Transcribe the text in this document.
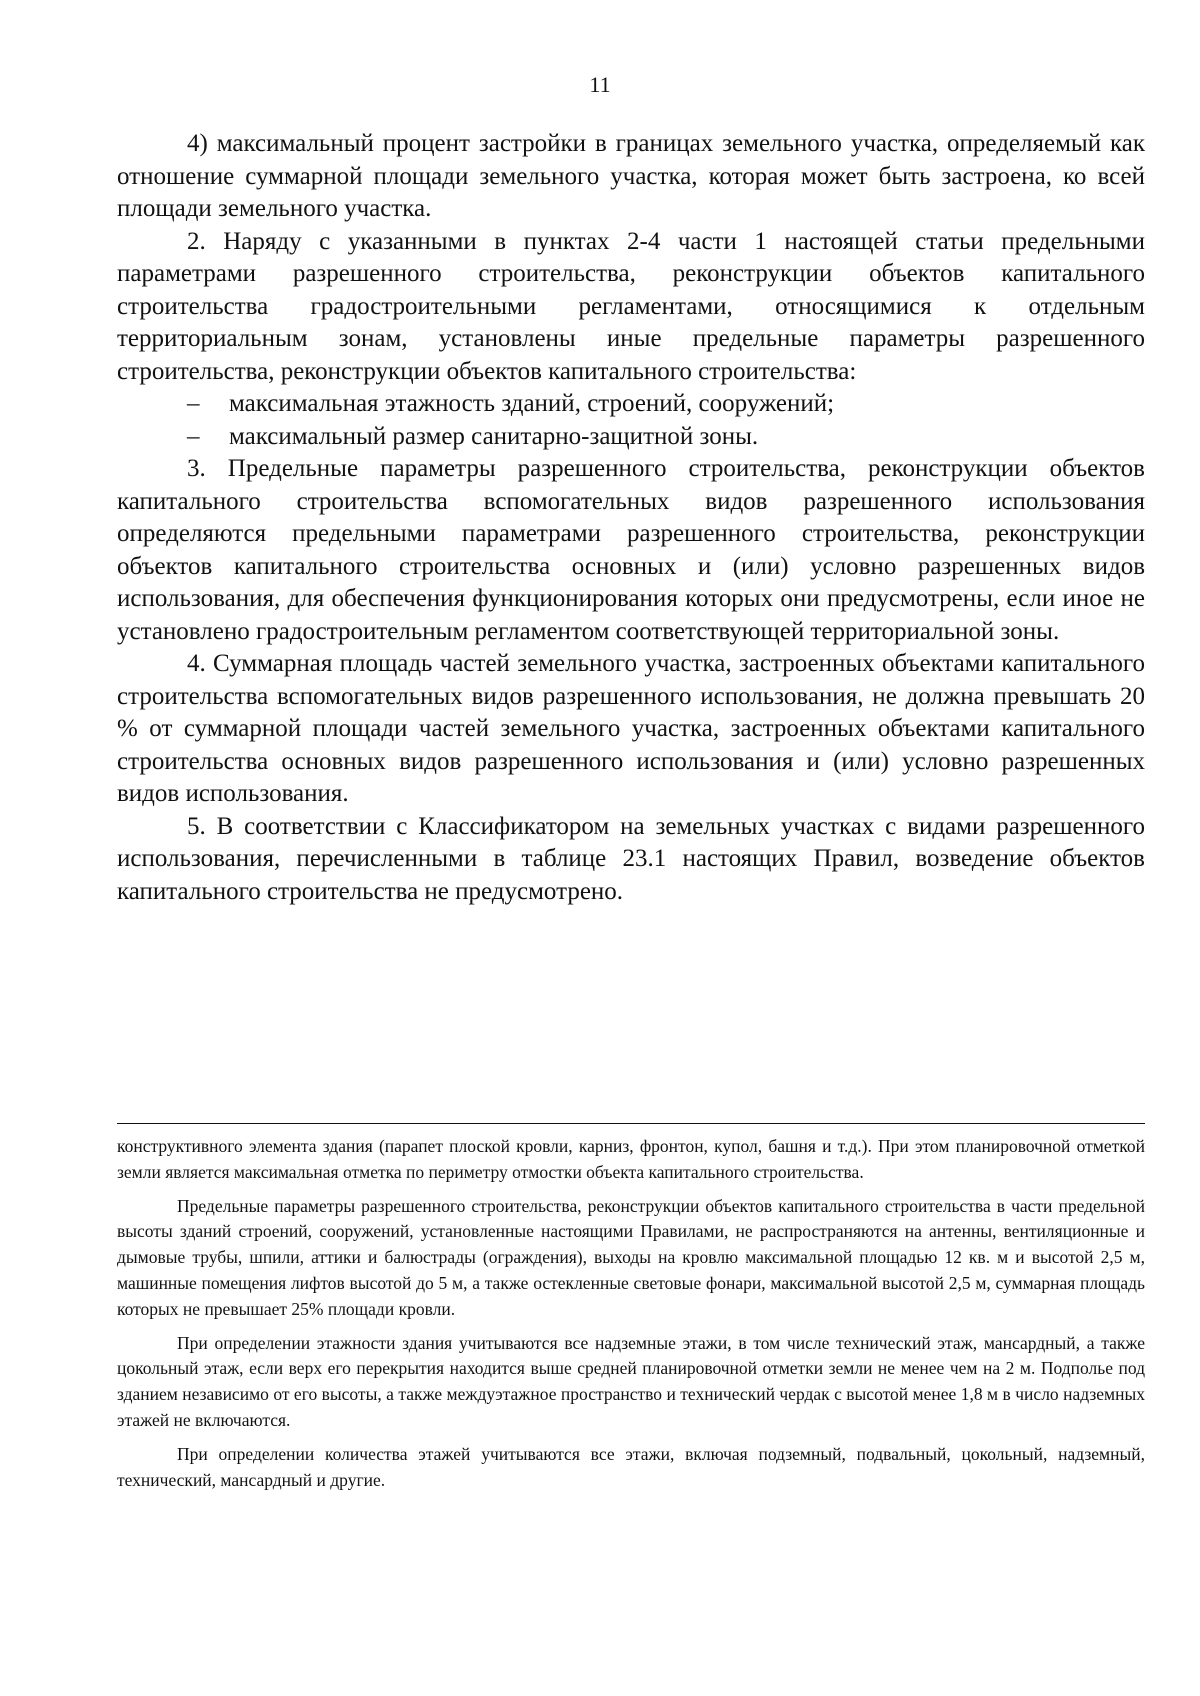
11

4) максимальный процент застройки в границах земельного участка, определяемый как отношение суммарной площади земельного участка, которая может быть застроена, ко всей площади земельного участка.

2. Наряду с указанными в пунктах 2-4 части 1 настоящей статьи предельными параметрами разрешенного строительства, реконструкции объектов капитального строительства градостроительными регламентами, относящимися к отдельным территориальным зонам, установлены иные предельные параметры разрешенного строительства, реконструкции объектов капитального строительства:

–	максимальная этажность зданий, строений, сооружений;
–	максимальный размер санитарно-защитной зоны.

3. Предельные параметры разрешенного строительства, реконструкции объектов капитального строительства вспомогательных видов разрешенного использования определяются предельными параметрами разрешенного строительства, реконструкции объектов капитального строительства основных и (или) условно разрешенных видов использования, для обеспечения функционирования которых они предусмотрены, если иное не установлено градостроительным регламентом соответствующей территориальной зоны.

4. Суммарная площадь частей земельного участка, застроенных объектами капитального строительства вспомогательных видов разрешенного использования, не должна превышать 20 % от суммарной площади частей земельного участка, застроенных объектами капитального строительства основных видов разрешенного использования и (или) условно разрешенных видов использования.

5. В соответствии с Классификатором на земельных участках с видами разрешенного использования, перечисленными в таблице 23.1 настоящих Правил, возведение объектов капитального строительства не предусмотрено.

конструктивного элемента здания (парапет плоской кровли, карниз, фронтон, купол, башня и т.д.). При этом планировочной отметкой земли является максимальная отметка по периметру отмостки объекта капитального строительства.

Предельные параметры разрешенного строительства, реконструкции объектов капитального строительства в части предельной высоты зданий строений, сооружений, установленные настоящими Правилами, не распространяются на антенны, вентиляционные и дымовые трубы, шпили, аттики и балюстрады (ограждения), выходы на кровлю максимальной площадью 12 кв. м и высотой 2,5 м, машинные помещения лифтов высотой до 5 м, а также остекленные световые фонари, максимальной высотой 2,5 м, суммарная площадь которых не превышает 25% площади кровли.

При определении этажности здания учитываются все надземные этажи, в том числе технический этаж, мансардный, а также цокольный этаж, если верх его перекрытия находится выше средней планировочной отметки земли не менее чем на 2 м. Подполье под зданием независимо от его высоты, а также междуэтажное пространство и технический чердак с высотой менее 1,8 м в число надземных этажей не включаются.

При определении количества этажей учитываются все этажи, включая подземный, подвальный, цокольный, надземный, технический, мансардный и другие.
